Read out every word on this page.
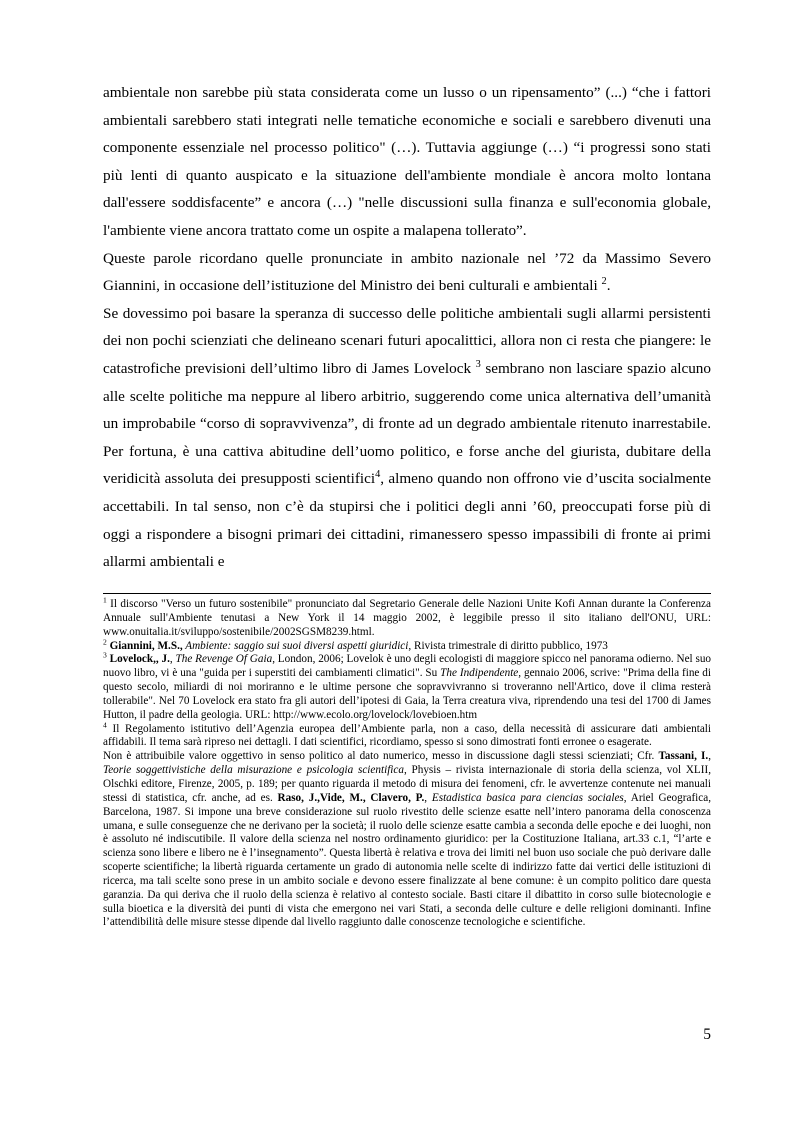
ambientale non sarebbe più stata considerata come un lusso o un ripensamento” (...) “che i fattori ambientali sarebbero stati integrati nelle tematiche economiche e sociali e sarebbero divenuti una componente essenziale nel processo politico" (…). Tuttavia aggiunge (…) “i progressi sono stati più lenti di quanto auspicato e la situazione dell'ambiente mondiale è ancora molto lontana dall'essere soddisfacente” e ancora (…) "nelle discussioni sulla finanza e sull'economia globale, l'ambiente viene ancora trattato come un ospite a malapena tollerato”.

Queste parole ricordano quelle pronunciate in ambito nazionale nel ’72 da Massimo Severo Giannini, in occasione dell’istituzione del Ministro dei beni culturali e ambientali $^2$.

Se dovessimo poi basare la speranza di successo delle politiche ambientali sugli allarmi persistenti dei non pochi scienziati che delineano scenari futuri apocalittici, allora non ci resta che piangere: le catastrofiche previsioni dell’ultimo libro di James Lovelock $^3$ sembrano non lasciare spazio alcuno alle scelte politiche ma neppure al libero arbitrio, suggerendo come unica alternativa dell’umanità un improbabile “corso di sopravvivenza”, di fronte ad un degrado ambientale ritenuto inarrestabile. Per fortuna, è una cattiva abitudine dell’uomo politico, e forse anche del giurista, dubitare della veridicità assoluta dei presupposti scientifici$^4$, almeno quando non offrono vie d’uscita socialmente accettabili. In tal senso, non c’è da stupirsi che i politici degli anni ’60, preoccupati forse più di oggi a rispondere a bisogni primari dei cittadini, rimanessero spesso impassibili di fronte ai primi allarmi ambientali e

$^1$ Il discorso "Verso un futuro sostenibile" pronunciato dal Segretario Generale delle Nazioni Unite Kofi Annan durante la Conferenza Annuale sull'Ambiente tenutasi a New York il 14 maggio 2002, è leggibile presso il sito italiano dell'ONU, URL: www.onuitalia.it/sviluppo/sostenibile/2002SGSM8239.html.

$^2$ Giannini, M.S., Ambiente: saggio sui suoi diversi aspetti giuridici, Rivista trimestrale di diritto pubblico, 1973

$^3$ Lovelock,, J., The Revenge Of Gaia, London, 2006; Lovelok è uno degli ecologisti di maggiore spicco nel panorama odierno. Nel suo nuovo libro, vi è una "guida per i superstiti dei cambiamenti climatici". Su The Indipendente, gennaio 2006, scrive: "Prima della fine di questo secolo, miliardi di noi moriranno e le ultime persone che sopravvivranno si troveranno nell'Artico, dove il clima resterà tollerabile". Nel 70 Lovelock era stato fra gli autori dell’ipotesi di Gaia, la Terra creatura viva, riprendendo una tesi del 1700 di James Hutton, il padre della geologia. URL: http://www.ecolo.org/lovelock/lovebioen.htm

$^4$ Il Regolamento istitutivo dell’Agenzia europea dell’Ambiente parla, non a caso, della necessità di assicurare dati ambientali affidabili. Il tema sarà ripreso nei dettagli. I dati scientifici, ricordiamo, spesso si sono dimostrati fonti erronee o esagerate.

Non è attribuibile valore oggettivo in senso politico al dato numerico, messo in discussione dagli stessi scienziati; Cfr. Tassani, I., Teorie soggettivistiche della misurazione e psicologia scientifica, Physis – rivista internazionale di storia della scienza, vol XLII, Olschki editore, Firenze, 2005, p. 189; per quanto riguarda il metodo di misura dei fenomeni, cfr. le avvertenze contenute nei manuali stessi di statistica, cfr. anche, ad es. Raso, J.,Vide, M., Clavero, P., Estadistica basica para ciencias sociales, Ariel Geografica, Barcelona, 1987. Si impone una breve considerazione sul ruolo rivestito delle scienze esatte nell’intero panorama della conoscenza umana, e sulle conseguenze che ne derivano per la società; il ruolo delle scienze esatte cambia a seconda delle epoche e dei luoghi, non è assoluto né indiscutibile. Il valore della scienza nel nostro ordinamento giuridico: per la Costituzione Italiana, art.33 c.1, “l’arte e scienza sono libere e libero ne è l’insegnamento”. Questa libertà è relativa e trova dei limiti nel buon uso sociale che può derivare dalle scoperte scientifiche; la libertà riguarda certamente un grado di autonomia nelle scelte di indirizzo fatte dai vertici delle istituzioni di ricerca, ma tali scelte sono prese in un ambito sociale e devono essere finalizzate al bene comune: è un compito politico dare questa garanzia. Da qui deriva che il ruolo della scienza è relativo al contesto sociale. Basti citare il dibattito in corso sulle biotecnologie e sulla bioetica e la diversità dei punti di vista che emergono nei vari Stati, a seconda delle culture e delle religioni dominanti. Infine l’attendibilità delle misure stesse dipende dal livello raggiunto dalle conoscenze tecnologiche e scientifiche.

5
